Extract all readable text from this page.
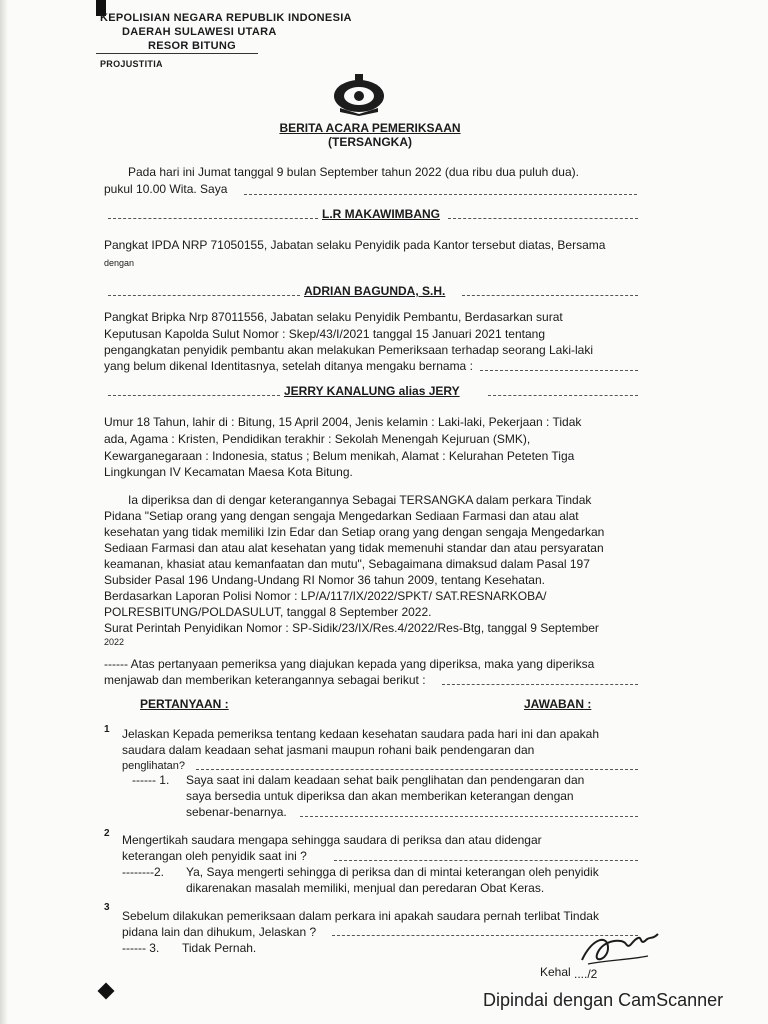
KEPOLISIAN NEGARA REPUBLIK INDONESIA
DAERAH SULAWESI UTARA
RESOR BITUNG
PROJUSTITIA
BERITA ACARA PEMERIKSAAN
(TERSANGKA)
Pada hari ini Jumat tanggal 9 bulan September tahun 2022 (dua ribu dua puluh dua).
pukul 10.00 Wita. Saya
L.R MAKAWIMBANG
Pangkat IPDA NRP 71050155, Jabatan selaku Penyidik pada Kantor tersebut diatas, Bersama
dengan
ADRIAN BAGUNDA, S.H.
Pangkat Bripka Nrp 87011556, Jabatan selaku Penyidik Pembantu, Berdasarkan surat
Keputusan Kapolda Sulut Nomor : Skep/43/I/2021 tanggal 15 Januari 2021 tentang
pengangkatan penyidik pembantu akan melakukan Pemeriksaan terhadap seorang Laki-laki
yang belum dikenal Identitasnya, setelah ditanya mengaku bernama :
JERRY KANALUNG alias JERY
Umur 18 Tahun, lahir di : Bitung, 15 April 2004, Jenis kelamin : Laki-laki, Pekerjaan : Tidak
ada, Agama : Kristen, Pendidikan terakhir : Sekolah Menengah Kejuruan (SMK),
Kewarganegaraan : Indonesia, status ; Belum menikah, Alamat : Kelurahan Peteten Tiga
Lingkungan IV Kecamatan Maesa Kota Bitung.
Ia diperiksa dan di dengar keterangannya Sebagai TERSANGKA dalam perkara Tindak
Pidana "Setiap orang yang dengan sengaja Mengedarkan Sediaan Farmasi dan atau alat
kesehatan yang tidak memiliki Izin Edar dan Setiap orang yang dengan sengaja Mengedarkan
Sediaan Farmasi dan atau alat kesehatan yang tidak memenuhi standar dan atau persyaratan
keamanan, khasiat atau kemanfaatan dan mutu", Sebagaimana dimaksud dalam Pasal 197
Subsider Pasal 196 Undang-Undang RI Nomor 36 tahun 2009, tentang Kesehatan.
Berdasarkan Laporan Polisi Nomor : LP/A/117/IX/2022/SPKT/ SAT.RESNARKOBA/
POLRESBITUNG/POLDASULUT, tanggal 8 September 2022.
Surat Perintah Penyidikan Nomor : SP-Sidik/23/IX/Res.4/2022/Res-Btg, tanggal 9 September
2022
------ Atas pertanyaan pemeriksa yang diajukan kepada yang diperiksa, maka yang diperiksa
menjawab dan memberikan keterangannya sebagai berikut :
PERTANYAAN :	JAWABAN :
1 Jelaskan Kepada pemeriksa tentang kedaan kesehatan saudara pada hari ini dan apakah
saudara dalam keadaan sehat jasmani maupun rohani baik pendengaran dan
penglihatan?
------ 1. Saya saat ini dalam keadaan sehat baik penglihatan dan pendengaran dan
saya bersedia untuk diperiksa dan akan memberikan keterangan dengan
sebenar-benarnya.
2 Mengertikah saudara mengapa sehingga saudara di periksa dan atau didengar
keterangan oleh penyidik saat ini ?
--------2. Ya, Saya mengerti sehingga di periksa dan di mintai keterangan oleh penyidik
dikarenakan masalah memiliki, menjual dan peredaran Obat Keras.
3
Sebelum dilakukan pemeriksaan dalam perkara ini apakah saudara pernah terlibat Tindak
pidana lain dan dihukum, Jelaskan ?
------ 3. Tidak Pernah.
Kehal ..../2
Dipindai dengan CamScanner
